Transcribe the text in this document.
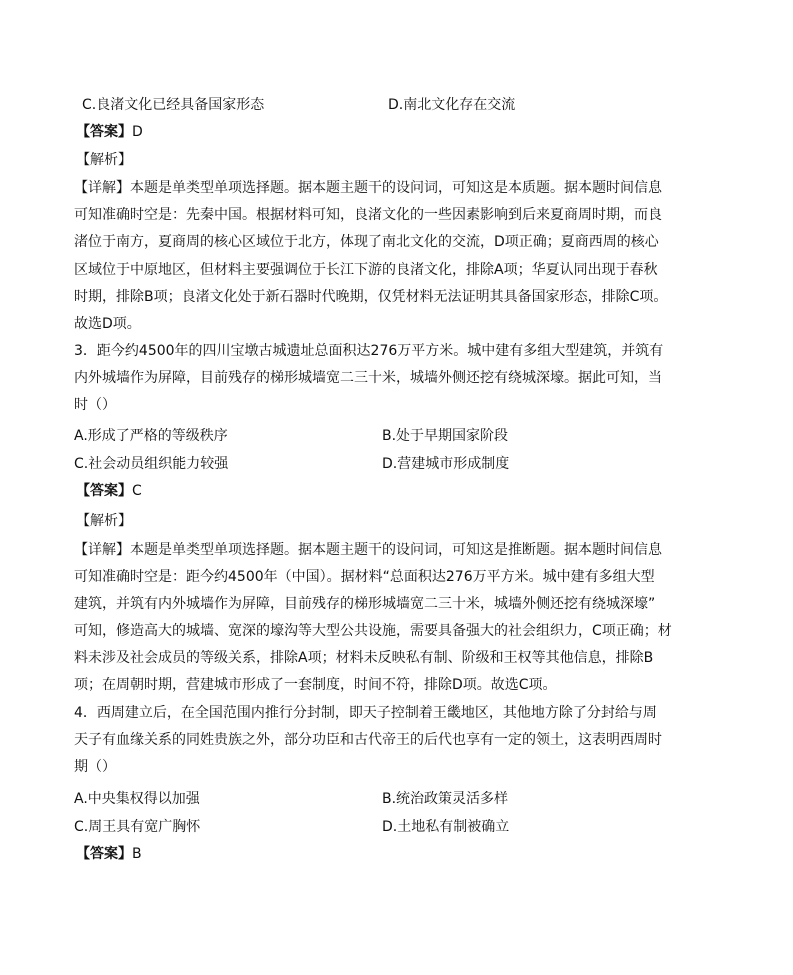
C.良渚文化已经具备国家形态	D.南北文化存在交流
【答案】D
【解析】
【详解】本题是单类型单项选择题。据本题主题干的设问词，可知这是本质题。据本题时间信息
可知准确时空是：先秦中国。根据材料可知，良渚文化的一些因素影响到后来夏商周时期，而良
渚位于南方，夏商周的核心区域位于北方，体现了南北文化的交流，D项正确；夏商西周的核心
区域位于中原地区，但材料主要强调位于长江下游的良渚文化，排除A项；华夏认同出现于春秋
时期，排除B项；良渚文化处于新石器时代晚期，仅凭材料无法证明其具备国家形态，排除C项。
故选D项。
3．距今约4500年的四川宝墩古城遗址总面积达276万平方米。城中建有多组大型建筑，并筑有
内外城墙作为屏障，目前残存的梯形城墙宽二三十米，城墙外侧还挖有绕城深壕。据此可知，当
时（）
A.形成了严格的等级秩序	B.处于早期国家阶段
C.社会动员组织能力较强	D.营建城市形成制度
【答案】C
【解析】
【详解】本题是单类型单项选择题。据本题主题干的设问词，可知这是推断题。据本题时间信息
可知准确时空是：距今约4500年（中国）。据材料“总面积达276万平方米。城中建有多组大型
建筑，并筑有内外城墙作为屏障，目前残存的梯形城墙宽二三十米，城墙外侧还挖有绕城深壕”
可知，修造高大的城墙、宽深的壕沟等大型公共设施，需要具备强大的社会组织力，C项正确；材
料未涉及社会成员的等级关系，排除A项；材料未反映私有制、阶级和王权等其他信息，排除B
项；在周朝时期，营建城市形成了一套制度，时间不符，排除D项。故选C项。
4．西周建立后，在全国范围内推行分封制，即天子控制着王畿地区，其他地方除了分封给与周
天子有血缘关系的同姓贵族之外，部分功臣和古代帝王的后代也享有一定的领土，这表明西周时
期（）
A.中央集权得以加强	B.统治政策灵活多样
C.周王具有宽广胸怀	D.土地私有制被确立
【答案】B
